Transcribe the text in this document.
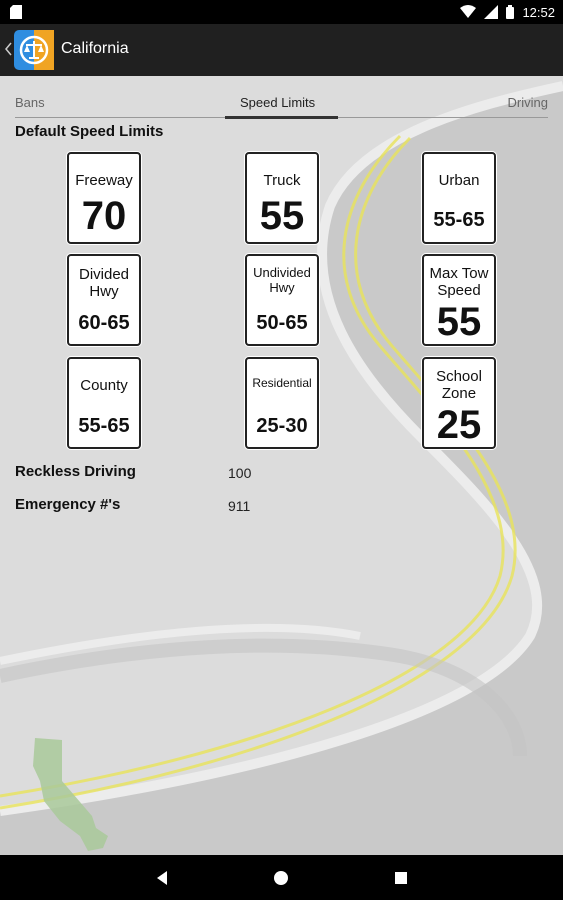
12:52
California
Bans	Speed Limits	Driving
Default Speed Limits
Freeway
70
Truck
55
Urban
55-65
Divided
Hwy
60-65
Undivided
Hwy
50-65
Max Tow
Speed
55
County
55-65
Residential
25-30
School
Zone
25
Reckless Driving	100
Emergency #'s	911
